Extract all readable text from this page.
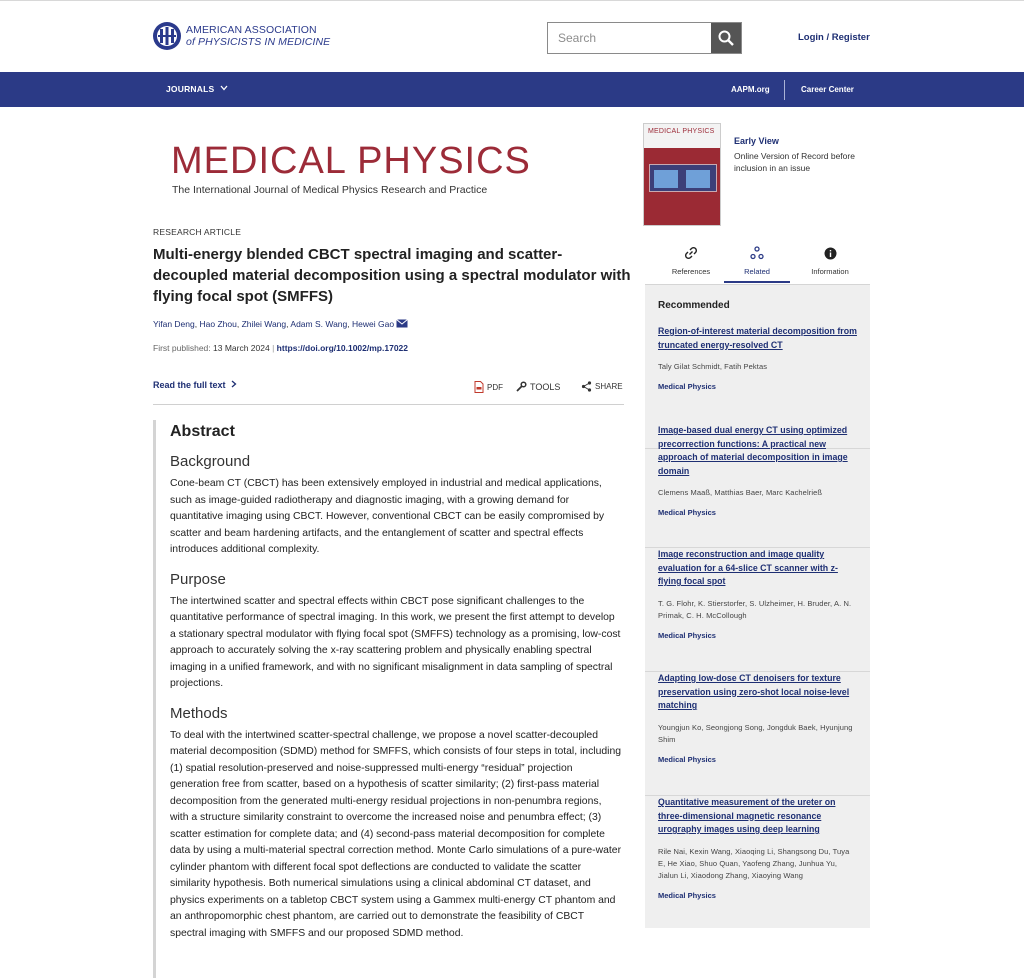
AMERICAN ASSOCIATION
of PHYSICISTS IN MEDICINE
Search	Login / Register
JOURNALS	AAPM.org	Career Center
MEDICAL PHYSICS
The International Journal of Medical Physics Research and Practice
RESEARCH ARTICLE
Multi-energy blended CBCT spectral imaging and scatter-decoupled material decomposition using a spectral modulator with flying focal spot (SMFFS)
Yifan Deng, Hao Zhou, Zhilei Wang, Adam S. Wang, Hewei Gao
First published: 13 March 2024 | https://doi.org/10.1002/mp.17022
Read the full text	PDF	TOOLS	SHARE
Abstract
Background

Cone-beam CT (CBCT) has been extensively employed in industrial and medical applications, such as image-guided radiotherapy and diagnostic imaging, with a growing demand for quantitative imaging using CBCT. However, conventional CBCT can be easily compromised by scatter and beam hardening artifacts, and the entanglement of scatter and spectral effects introduces additional complexity.

Purpose

The intertwined scatter and spectral effects within CBCT pose significant challenges to the quantitative performance of spectral imaging. In this work, we present the first attempt to develop a stationary spectral modulator with flying focal spot (SMFFS) technology as a promising, low-cost approach to accurately solving the x-ray scattering problem and physically enabling spectral imaging in a unified framework, and with no significant misalignment in data sampling of spectral projections.

Methods

To deal with the intertwined scatter-spectral challenge, we propose a novel scatter-decoupled material decomposition (SDMD) method for SMFFS, which consists of four steps in total, including (1) spatial resolution-preserved and noise-suppressed multi-energy “residual” projection generation free from scatter, based on a hypothesis of scatter similarity; (2) first-pass material decomposition from the generated multi-energy residual projections in non-penumbra regions, with a structure similarity constraint to overcome the increased noise and penumbra effect; (3) scatter estimation for complete data; and (4) second-pass material decomposition for complete data by using a multi-material spectral correction method. Monte Carlo simulations of a pure-water cylinder phantom with different focal spot deflections are conducted to validate the scatter similarity hypothesis. Both numerical simulations using a clinical abdominal CT dataset, and physics experiments on a tabletop CBCT system using a Gammex multi-energy CT phantom and an anthropomorphic chest phantom, are carried out to demonstrate the feasibility of CBCT spectral imaging with SMFFS and our proposed SDMD method.

MEDICAL PHYSICS
Early View
Online Version of Record before inclusion in an issue
References	Related	Information
Recommended
Region-of-interest material decomposition from truncated energy-resolved CT
Taly Gilat Schmidt, Fatih Pektas
Medical Physics
Image-based dual energy CT using optimized precorrection functions: A practical new approach of material decomposition in image domain
Clemens Maaß, Matthias Baer, Marc Kachelrieß
Medical Physics
Image reconstruction and image quality evaluation for a 64-slice CT scanner with z-flying focal spot
T. G. Flohr, K. Stierstorfer, S. Ulzheimer, H. Bruder, A. N. Primak, C. H. McCollough
Medical Physics
Adapting low-dose CT denoisers for texture preservation using zero-shot local noise-level matching
Youngjun Ko, Seongjong Song, Jongduk Baek, Hyunjung Shim
Medical Physics
Quantitative measurement of the ureter on three-dimensional magnetic resonance urography images using deep learning
Rile Nai, Kexin Wang, Xiaoqing Li, Shangsong Du, Tuya E, He Xiao, Shuo Quan, Yaofeng Zhang, Junhua Yu, Jialun Li, Xiaodong Zhang, Xiaoying Wang
Medical Physics
